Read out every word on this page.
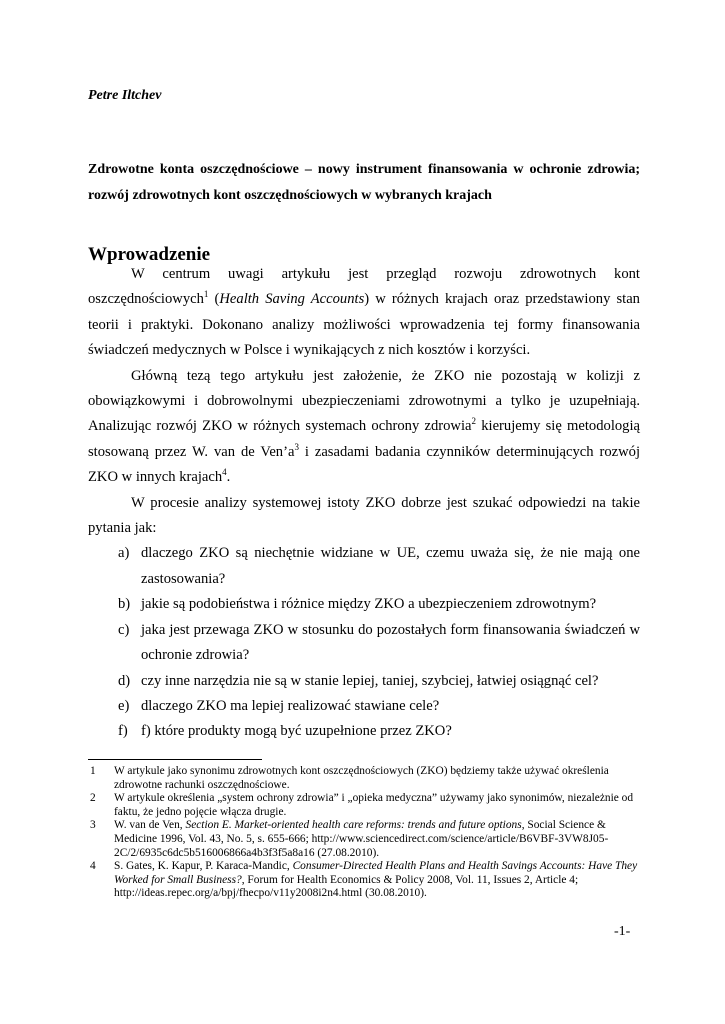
Petre Iltchev
Zdrowotne konta oszczędnościowe – nowy instrument finansowania w ochronie zdrowia; rozwój zdrowotnych kont oszczędnościowych w wybranych krajach
Wprowadzenie

W centrum uwagi artykułu jest przegląd rozwoju zdrowotnych kont oszczędnościowych$^1$ (Health Saving Accounts) w różnych krajach oraz przedstawiony stan teorii i praktyki. Dokonano analizy możliwości wprowadzenia tej formy finansowania świadczeń medycznych w Polsce i wynikających z nich kosztów i korzyści.

Główną tezą tego artykułu jest założenie, że ZKO nie pozostają w kolizji z obowiązkowymi i dobrowolnymi ubezpieczeniami zdrowotnymi a tylko je uzupełniają. Analizując rozwój ZKO w różnych systemach ochrony zdrowia$^2$ kierujemy się metodologią stosowaną przez W. van de $Ven’a^3$ i zasadami badania czynników determinujących rozwój ZKO w innych krajach$^4$.

W procesie analizy systemowej istoty ZKO dobrze jest szukać odpowiedzi na takie pytania jak:

a) dlaczego ZKO są niechętnie widziane w UE, czemu uważa się, że nie mają one zastosowania?
b) jakie są podobieństwa i różnice między ZKO a ubezpieczeniem zdrowotnym?
c) jaka jest przewaga ZKO w stosunku do pozostałych form finansowania świadczeń w ochronie zdrowia?
d) czy inne narzędzia nie są w stanie lepiej, taniej, szybciej, łatwiej osiągnąć cel?
e) dlaczego ZKO ma lepiej realizować stawiane cele?
f) f) które produkty mogą być uzupełnione przez ZKO?

1 W artykule jako synonimu zdrowotnych kont oszczędnościowych (ZKO) będziemy także używać określenia zdrowotne rachunki oszczędnościowe.

2 W artykule określenia „system ochrony zdrowia” i „opieka medyczna” używamy jako synonimów, niezależnie od faktu, że jedno pojęcie włącza drugie.

3 W. van de Ven, Section E. Market-oriented health care reforms: trends and future options, Social Science & Medicine 1996, Vol. 43, No. 5, s. 655-666; http://www.sciencedirect.com/science/article/B6VBF-3VW8J05-2C/2/6935c6dc5b516006866a4b3f3f5a8a16 (27.08.2010).

4 S. Gates, K. Kapur, P. Karaca-Mandic, Consumer-Directed Health Plans and Health Savings Accounts: Have They Worked for Small Business?, Forum for Health Economics & Policy 2008, Vol. 11, Issues 2, Article 4; http://ideas.repec.org/a/bpj/fhecpo/v11y2008i2n4.html (30.08.2010).

-1-
